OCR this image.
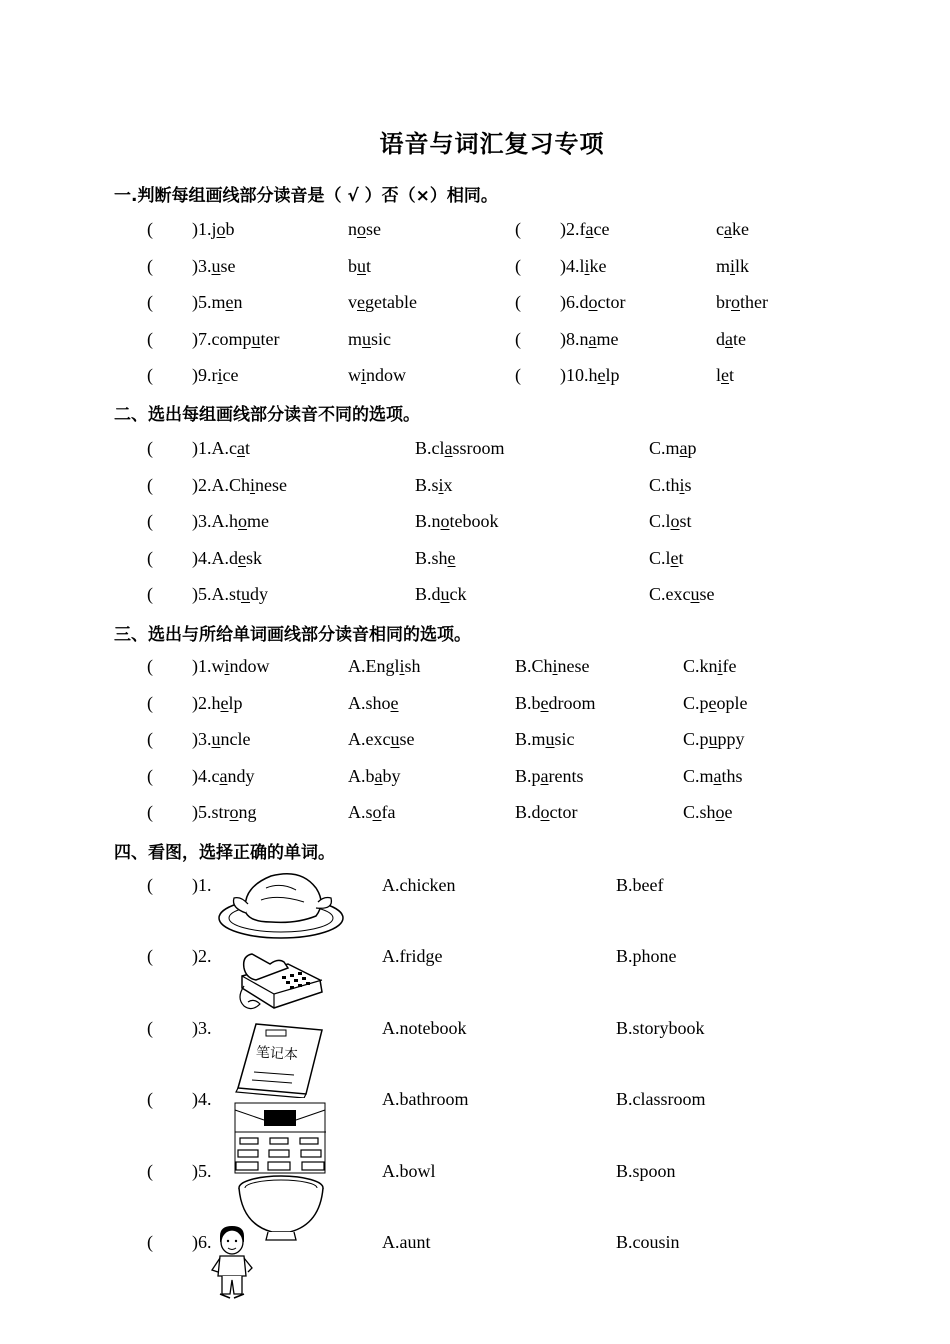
语音与词汇复习专项
一.判断每组画线部分读音是（ √ ）否（×）相同。
( )1.job	nose	( )2.face	cake
( )3.use	but	( )4.like	milk
( )5.men	vegetable	( )6.doctor	brother
( )7.computer	music	( )8.name	date
( )9.rice	window	( )10.help	let
二、选出每组画线部分读音不同的选项。
( )1.A.cat	B.classroom	C.map
( )2.A.Chinese	B.six	C.this
( )3.A.home	B.notebook	C.lost
( )4.A.desk	B.she	C.let
( )5.A.study	B.duck	C.excuse
三、选出与所给单词画线部分读音相同的选项。
( )1.window	A.English	B.Chinese	C.knife
( )2.help	A.shoe	B.bedroom	C.people
( )3.uncle	A.excuse	B.music	C.puppy
( )4.candy	A.baby	B.parents	C.maths
( )5.strong	A.sofa	B.doctor	C.shoe
四、看图，选择正确的单词。
( )1.	A.chicken	B.beef
( )2.	A.fridge	B.phone
( )3.	A.notebook	B.storybook
( )4.	A.bathroom	B.classroom
( )5.	A.bowl	B.spoon
( )6.	A.aunt	B.cousin
笔记本
